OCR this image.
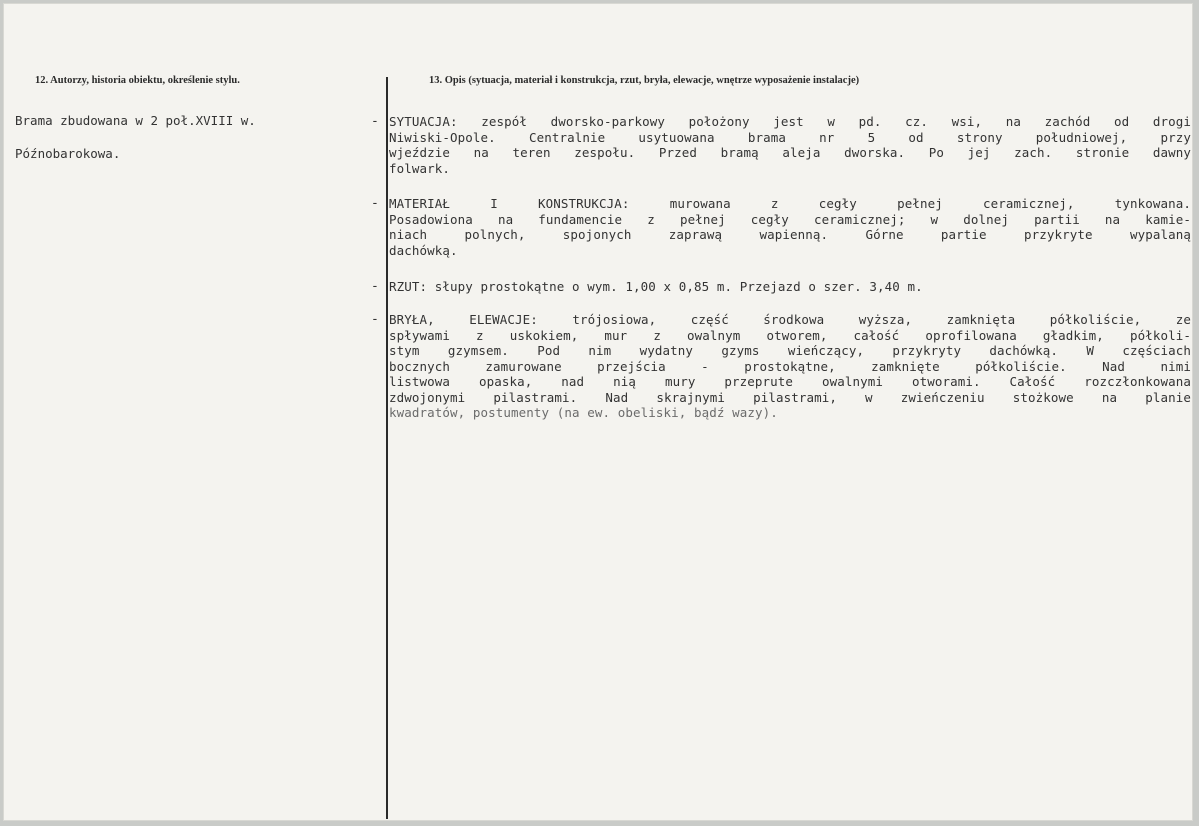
12. Autorzy, historia obiektu, określenie stylu.	13. Opis (sytuacja, materiał i konstrukcja, rzut, bryła, elewacje, wnętrze wyposażenie instalacje)
Brama zbudowana w 2 poł.XVIII w.
Późnobarokowa.
- SYTUACJA: zespół dworsko-parkowy położony jest w pd. cz. wsi, na zachód od drogi
Niwiski-Opole. Centralnie usytuowana brama nr 5 od strony południowej, przy
wjeździe na teren zespołu. Przed bramą aleja dworska. Po jej zach. stronie dawny
folwark.
- MATERIAŁ I KONSTRUKCJA: murowana z cegły pełnej ceramicznej, tynkowana.
Posadowiona na fundamencie z pełnej cegły ceramicznej; w dolnej partii na kamie-
niach polnych, spojonych zaprawą wapienną. Górne partie przykryte wypalaną
dachówką.
- RZUT: słupy prostokątne o wym. 1,00 x 0,85 m. Przejazd o szer. 3,40 m.
- BRYŁA, ELEWACJE: trójosiowa, część środkowa wyższa, zamknięta półkoliście, ze
spływami z uskokiem, mur z owalnym otworem, całość oprofilowana gładkim, półkoli-
stym gzymsem. Pod nim wydatny gzyms wieńczący, przykryty dachówką. W częściach
bocznych zamurowane przejścia - prostokątne, zamknięte półkoliście. Nad nimi
listwowa opaska, nad nią mury przeprute owalnymi otworami. Całość rozczłonkowana
zdwojonymi pilastrami. Nad skrajnymi pilastrami, w zwieńczeniu stożkowe na planie
kwadratów, postumenty (na ew. obeliski, bądź wazy).
